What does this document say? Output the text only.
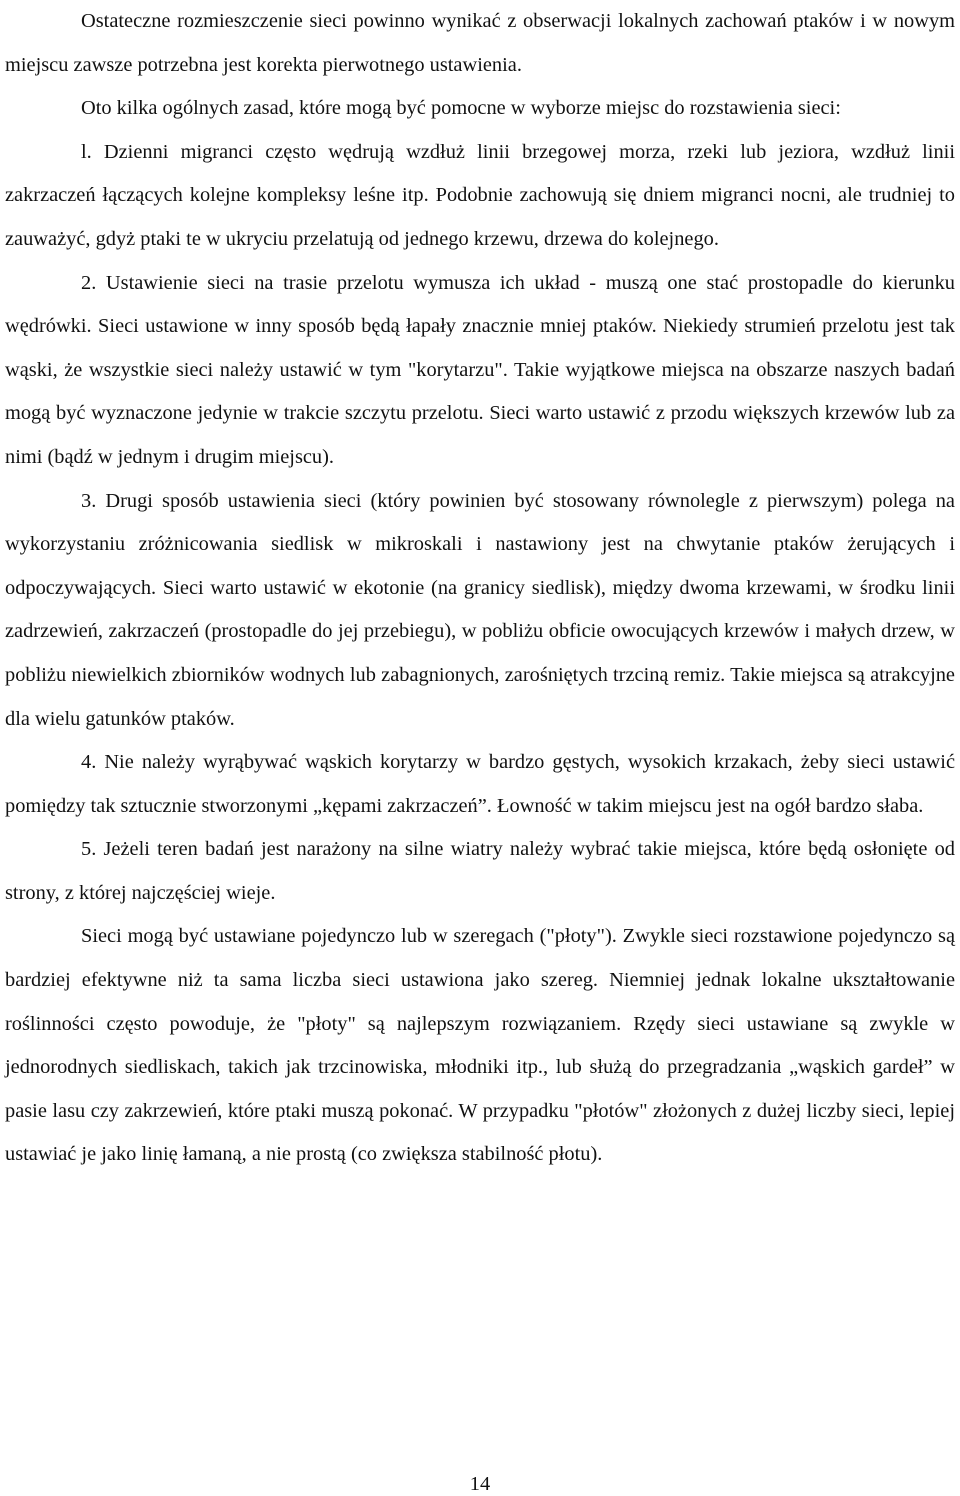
Ostateczne rozmieszczenie sieci powinno wynikać z obserwacji lokalnych zachowań ptaków i w nowym miejscu zawsze potrzebna jest korekta pierwotnego ustawienia.

Oto kilka ogólnych zasad, które mogą być pomocne w wyborze miejsc do rozstawienia sieci:

l. Dzienni migranci często wędrują wzdłuż linii brzegowej morza, rzeki lub jeziora, wzdłuż linii zakrzaczeń łączących kolejne kompleksy leśne itp. Podobnie zachowują się dniem migranci nocni, ale trudniej to zauważyć, gdyż ptaki te w ukryciu przelatują od jednego krzewu, drzewa do kolejnego.

2. Ustawienie sieci na trasie przelotu wymusza ich układ - muszą one stać prostopadle do kierunku wędrówki. Sieci ustawione w inny sposób będą łapały znacznie mniej ptaków. Niekiedy strumień przelotu jest tak wąski, że wszystkie sieci należy ustawić w tym "korytarzu". Takie wyjątkowe miejsca na obszarze naszych badań mogą być wyznaczone jedynie w trakcie szczytu przelotu. Sieci warto ustawić z przodu większych krzewów lub za nimi (bądź w jednym i drugim miejscu).

3. Drugi sposób ustawienia sieci (który powinien być stosowany równolegle z pierwszym) polega na wykorzystaniu zróżnicowania siedlisk w mikroskali i nastawiony jest na chwytanie ptaków żerujących i odpoczywających. Sieci warto ustawić w ekotonie (na granicy siedlisk), między dwoma krzewami, w środku linii zadrzewień, zakrzaczeń (prostopadle do jej przebiegu), w pobliżu obficie owocujących krzewów i małych drzew, w pobliżu niewielkich zbiorników wodnych lub zabagnionych, zarośniętych trzciną remiz. Takie miejsca są atrakcyjne dla wielu gatunków ptaków.

4. Nie należy wyrąbywać wąskich korytarzy w bardzo gęstych, wysokich krzakach, żeby sieci ustawić pomiędzy tak sztucznie stworzonymi „kępami zakrzaczeń”. Łowność w takim miejscu jest na ogół bardzo słaba.

5. Jeżeli teren badań jest narażony na silne wiatry należy wybrać takie miejsca, które będą osłonięte od strony, z której najczęściej wieje.

Sieci mogą być ustawiane pojedynczo lub w szeregach ("płoty"). Zwykle sieci rozstawione pojedynczo są bardziej efektywne niż ta sama liczba sieci ustawiona jako szereg. Niemniej jednak lokalne ukształtowanie roślinności często powoduje, że "płoty" są najlepszym rozwiązaniem. Rzędy sieci ustawiane są zwykle w jednorodnych siedliskach, takich jak trzcinowiska, młodniki itp., lub służą do przegradzania „wąskich gardeł” w pasie lasu czy zakrzewień, które ptaki muszą pokonać. W przypadku "płotów" złożonych z dużej liczby sieci, lepiej ustawiać je jako linię łamaną, a nie prostą (co zwiększa stabilność płotu).

14
